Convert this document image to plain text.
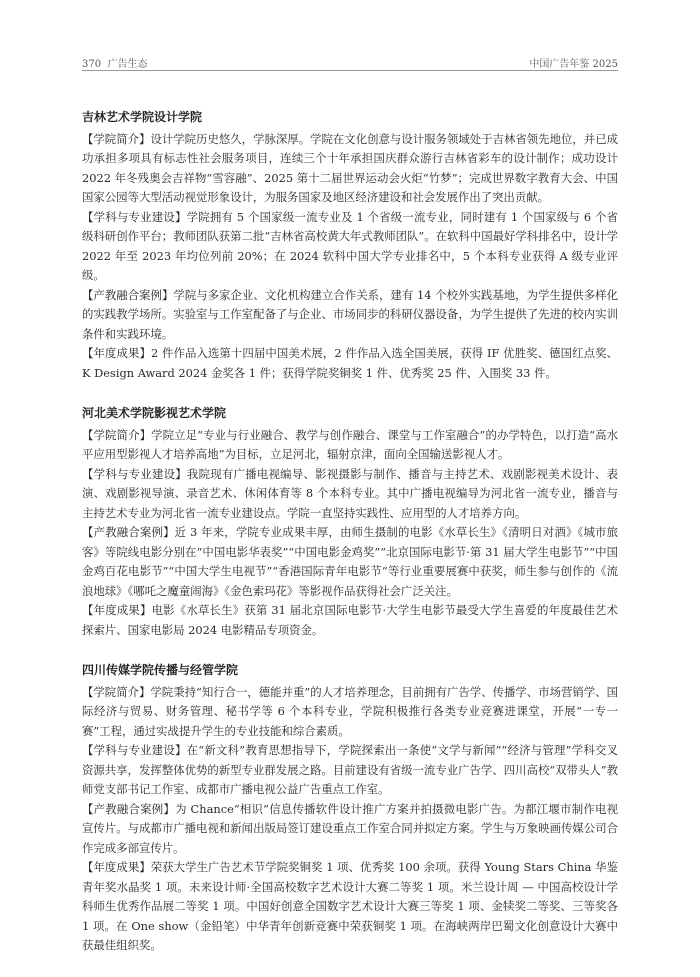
370 广告生态	中国广告年鉴 2025
吉林艺术学院设计学院

【学院简介】设计学院历史悠久，学脉深厚。学院在文化创意与设计服务领域处于吉林省领先地位，并已成功承担多项具有标志性社会服务项目，连续三个十年承担国庆群众游行吉林省彩车的设计制作；成功设计 2022 年冬残奥会吉祥物“雪容融”、2025 第十二届世界运动会火炬“竹梦”；完成世界数字教育大会、中国国家公园等大型活动视觉形象设计，为服务国家及地区经济建设和社会发展作出了突出贡献。

【学科与专业建设】学院拥有 5 个国家级一流专业及 1 个省级一流专业，同时建有 1 个国家级与 6 个省级科研创作平台；教师团队获第二批“吉林省高校黄大年式教师团队”。在软科中国最好学科排名中，设计学 2022 年至 2023 年均位列前 20%；在 2024 软科中国大学专业排名中，5 个本科专业获得 A 级专业评级。

【产教融合案例】学院与多家企业、文化机构建立合作关系，建有 14 个校外实践基地，为学生提供多样化的实践教学场所。实验室与工作室配备了与企业、市场同步的科研仪器设备，为学生提供了先进的校内实训条件和实践环境。

【年度成果】2 件作品入选第十四届中国美术展，2 件作品入选全国美展，获得 IF 优胜奖、德国红点奖、K Design Award 2024 金奖各 1 件；获得学院奖铜奖 1 件、优秀奖 25 件、入围奖 33 件。

河北美术学院影视艺术学院

【学院简介】学院立足“专业与行业融合、教学与创作融合、课堂与工作室融合”的办学特色，以打造“高水平应用型影视人才培养高地”为目标，立足河北，辐射京津，面向全国输送影视人才。

【学科与专业建设】我院现有广播电视编导、影视摄影与制作、播音与主持艺术、戏剧影视美术设计、表演、戏剧影视导演、录音艺术、休闲体育等 8 个本科专业。其中广播电视编导为河北省一流专业，播音与主持艺术专业为河北省一流专业建设点。学院一直坚持实践性、应用型的人才培养方向。

【产教融合案例】近 3 年来，学院专业成果丰厚，由师生摄制的电影《水草长生》《清明日对酒》《城市旅客》等院线电影分别在“中国电影华表奖”“中国电影金鸡奖”“北京国际电影节·第 31 届大学生电影节”“中国金鸡百花电影节”“中国大学生电视节”“香港国际青年电影节”等行业重要展赛中获奖，师生参与创作的《流浪地球》《哪吒之魔童闹海》《金色索玛花》等影视作品获得社会广泛关注。

【年度成果】电影《水草长生》获第 31 届北京国际电影节·大学生电影节最受大学生喜爱的年度最佳艺术探索片、国家电影局 2024 电影精品专项资金。

四川传媒学院传播与经管学院

【学院简介】学院秉持“知行合一，德能并重”的人才培养理念，目前拥有广告学、传播学、市场营销学、国际经济与贸易、财务管理、秘书学等 6 个本科专业，学院积极推行各类专业竞赛进课堂，开展“一专一赛”工程，通过实战提升学生的专业技能和综合素质。

【学科与专业建设】在“新文科”教育思想指导下，学院探索出一条使“文学与新闻”“经济与管理”学科交叉资源共享，发挥整体优势的新型专业群发展之路。目前建设有省级一流专业广告学、四川高校“双带头人”教师党支部书记工作室、成都市广播电视公益广告重点工作室。

【产教融合案例】为 Chance“相识”信息传播软件设计推广方案并拍摄微电影广告。为都江堰市制作电视宣传片。与成都市广播电视和新闻出版局签订建设重点工作室合同并拟定方案。学生与万象映画传媒公司合作完成多部宣传片。

【年度成果】荣获大学生广告艺术节学院奖铜奖 1 项、优秀奖 100 余项。获得 Young Stars China 华鉴青年奖水晶奖 1 项。未来设计师·全国高校数字艺术设计大赛二等奖 1 项。米兰设计周 — 中国高校设计学科师生优秀作品展二等奖 1 项。中国好创意全国数字艺术设计大赛三等奖 1 项、金犊奖二等奖、三等奖各 1 项。在 One show（金铅笔）中华青年创新竞赛中荣获铜奖 1 项。在海峡两岸巴蜀文化创意设计大赛中获最佳组织奖。
